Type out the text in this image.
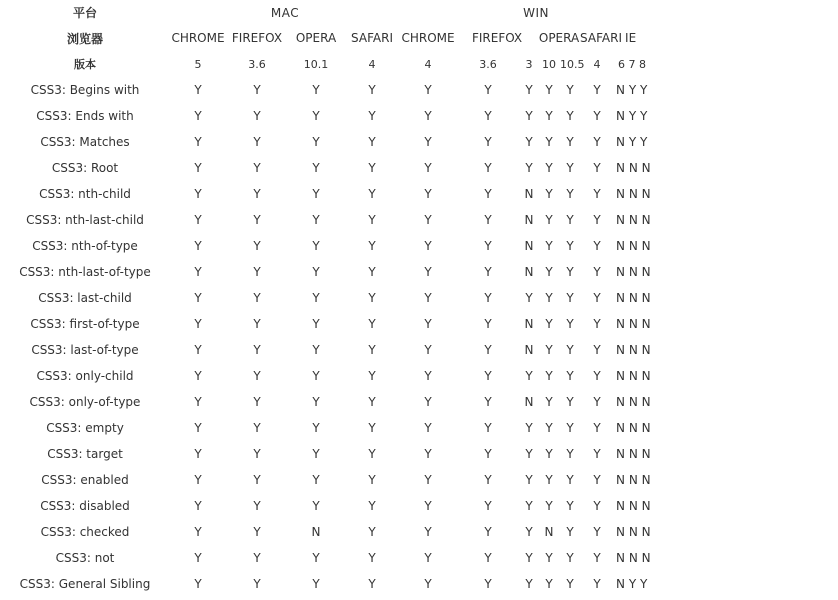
平台	MAC				WIN						
浏览器	CHROME	FIREFOX	OPERA	SAFARI	CHROME	FIREFOX		OPERA		SAFARI	IE
版本	5	3.6	10.1	4	4	3.6	3	10	10.5	4	6 7 8
CSS3: Begins with	Y	Y	Y	Y	Y	Y	Y	Y	Y	Y	N Y Y
CSS3: Ends with	Y	Y	Y	Y	Y	Y	Y	Y	Y	Y	N Y Y
CSS3: Matches	Y	Y	Y	Y	Y	Y	Y	Y	Y	Y	N Y Y
CSS3: Root	Y	Y	Y	Y	Y	Y	Y	Y	Y	Y	N N N
CSS3: nth-child	Y	Y	Y	Y	Y	Y	N	Y	Y	Y	N N N
CSS3: nth-last-child	Y	Y	Y	Y	Y	Y	N	Y	Y	Y	N N N
CSS3: nth-of-type	Y	Y	Y	Y	Y	Y	N	Y	Y	Y	N N N
CSS3: nth-last-of-type	Y	Y	Y	Y	Y	Y	N	Y	Y	Y	N N N
CSS3: last-child	Y	Y	Y	Y	Y	Y	Y	Y	Y	Y	N N N
CSS3: first-of-type	Y	Y	Y	Y	Y	Y	N	Y	Y	Y	N N N
CSS3: last-of-type	Y	Y	Y	Y	Y	Y	N	Y	Y	Y	N N N
CSS3: only-child	Y	Y	Y	Y	Y	Y	Y	Y	Y	Y	N N N
CSS3: only-of-type	Y	Y	Y	Y	Y	Y	N	Y	Y	Y	N N N
CSS3: empty	Y	Y	Y	Y	Y	Y	Y	Y	Y	Y	N N N
CSS3: target	Y	Y	Y	Y	Y	Y	Y	Y	Y	Y	N N N
CSS3: enabled	Y	Y	Y	Y	Y	Y	Y	Y	Y	Y	N N N
CSS3: disabled	Y	Y	Y	Y	Y	Y	Y	Y	Y	Y	N N N
CSS3: checked	Y	Y	N	Y	Y	Y	Y	N	Y	Y	N N N
CSS3: not	Y	Y	Y	Y	Y	Y	Y	Y	Y	Y	N N N
CSS3: General Sibling	Y	Y	Y	Y	Y	Y	Y	Y	Y	Y	N Y Y
